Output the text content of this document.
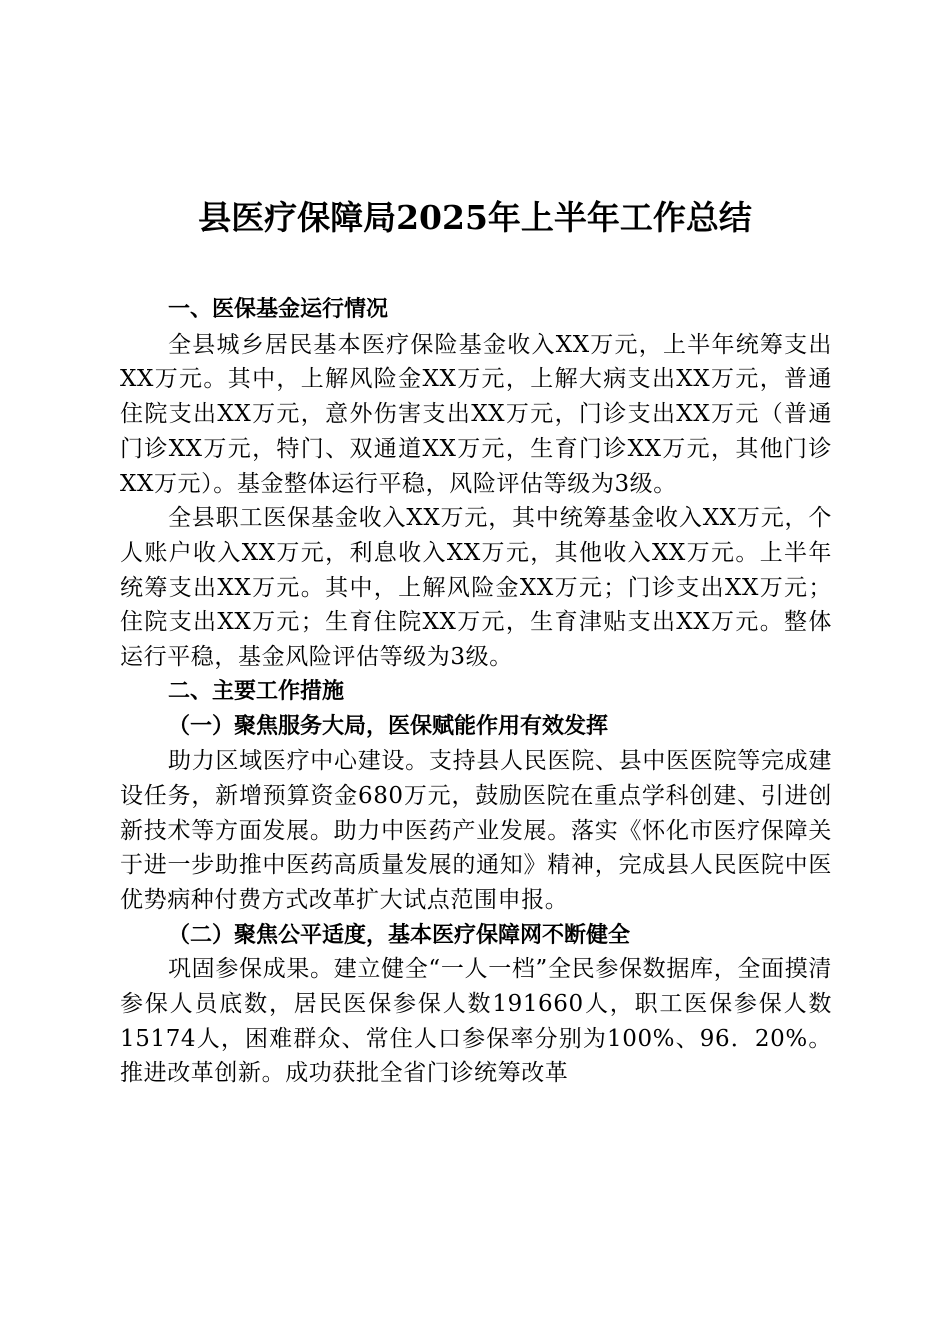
县医疗保障局2025年上半年工作总结

一、医保基金运行情况

全县城乡居民基本医疗保险基金收入XX万元，上半年统筹支出XX万元。其中，上解风险金XX万元，上解大病支出XX万元，普通住院支出XX万元，意外伤害支出XX万元，门诊支出XX万元（普通门诊XX万元，特门、双通道XX万元，生育门诊XX万元，其他门诊XX万元）。基金整体运行平稳，风险评估等级为3级。

全县职工医保基金收入XX万元，其中统筹基金收入XX万元，个人账户收入XX万元，利息收入XX万元，其他收入XX万元。上半年统筹支出XX万元。其中，上解风险金XX万元；门诊支出XX万元；住院支出XX万元；生育住院XX万元，生育津贴支出XX万元。整体运行平稳，基金风险评估等级为3级。

二、主要工作措施

（一）聚焦服务大局，医保赋能作用有效发挥

助力区域医疗中心建设。支持县人民医院、县中医医院等完成建设任务，新增预算资金680万元，鼓励医院在重点学科创建、引进创新技术等方面发展。助力中医药产业发展。落实《怀化市医疗保障关于进一步助推中医药高质量发展的通知》精神，完成县人民医院中医优势病种付费方式改革扩大试点范围申报。

（二）聚焦公平适度，基本医疗保障网不断健全

巩固参保成果。建立健全“一人一档”全民参保数据库，全面摸清参保人员底数，居民医保参保人数191660人，职工医保参保人数15174人，困难群众、常住人口参保率分别为100%、96．20%。推进改革创新。成功获批全省门诊统筹改革
